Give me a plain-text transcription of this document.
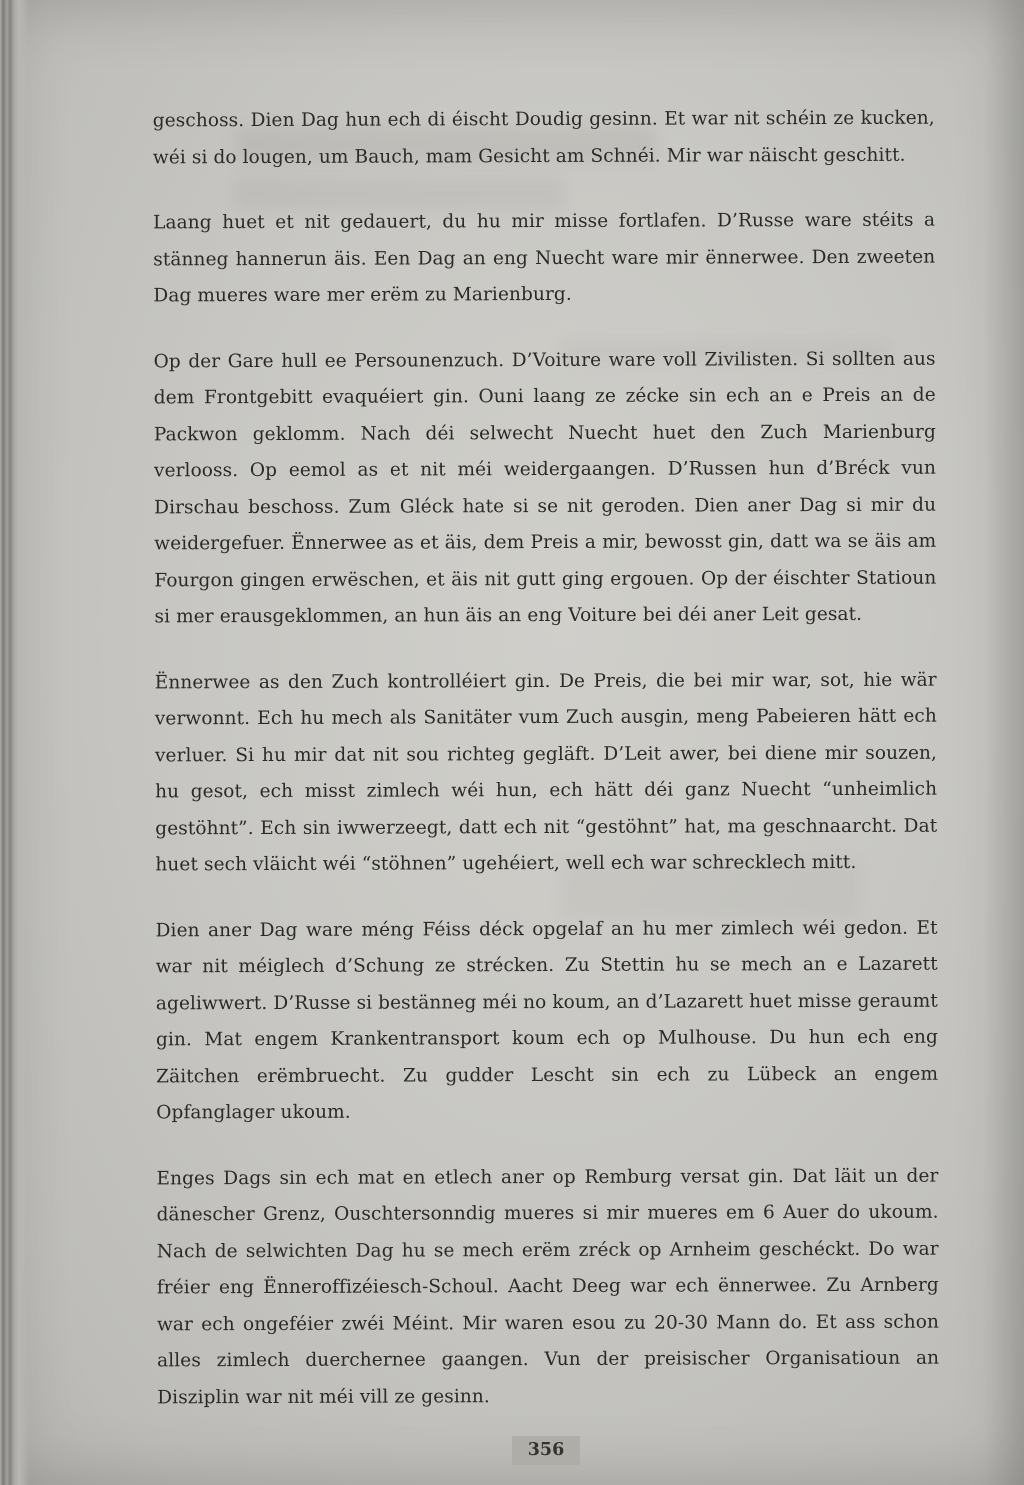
geschoss. Dien Dag hun ech di éischt Doudig gesinn. Et war nit schéin ze kucken, wéi si do lougen, um Bauch, mam Gesicht am Schnéi. Mir war näischt geschitt.

Laang huet et nit gedauert, du hu mir misse fortlafen. D’Russe ware stéits a stänneg hannerun äis. Een Dag an eng Nuecht ware mir ënnerwee. Den zweeten Dag mueres ware mer erëm zu Marienburg.

Op der Gare hull ee Persounenzuch. D’Voiture ware voll Zivilisten. Si sollten aus dem Frontgebitt evaquéiert gin. Ouni laang ze zécke sin ech an e Preis an de Packwon geklomm. Nach déi selwecht Nuecht huet den Zuch Marienburg verlooss. Op eemol as et nit méi weidergaangen. D’Russen hun d’Bréck vun Dirschau beschoss. Zum Gléck hate si se nit geroden. Dien aner Dag si mir du weidergefuer. Ënnerwee as et äis, dem Preis a mir, bewosst gin, datt wa se äis am Fourgon gingen erwëschen, et äis nit gutt ging ergouen. Op der éischter Statioun si mer erausgeklommen, an hun äis an eng Voiture bei déi aner Leit gesat.

Ënnerwee as den Zuch kontrolléiert gin. De Preis, die bei mir war, sot, hie wär verwonnt. Ech hu mech als Sanitäter vum Zuch ausgin, meng Pabeieren hätt ech verluer. Si hu mir dat nit sou richteg gegläft. D’Leit awer, bei diene mir souzen, hu gesot, ech misst zimlech wéi hun, ech hätt déi ganz Nuecht “unheimlich gestöhnt”. Ech sin iwwerzeegt, datt ech nit “gestöhnt” hat, ma geschnaarcht. Dat huet sech vläicht wéi “stöhnen” ugehéiert, well ech war schrecklech mitt.

Dien aner Dag ware méng Féiss déck opgelaf an hu mer zimlech wéi gedon. Et war nit méiglech d’Schung ze strécken. Zu Stettin hu se mech an e Lazarett ageliwwert. D’Russe si bestänneg méi no koum, an d’Lazarett huet misse geraumt gin. Mat engem Krankentransport koum ech op Mulhouse. Du hun ech eng Zäitchen erëmbruecht. Zu gudder Lescht sin ech zu Lübeck an engem Opfanglager ukoum.

Enges Dags sin ech mat en etlech aner op Remburg versat gin. Dat läit un der dänescher Grenz, Ouschtersonndig mueres si mir mueres em 6 Auer do ukoum. Nach de selwichten Dag hu se mech erëm zréck op Arnheim geschéckt. Do war fréier eng Ënneroffizéiesch-Schoul. Aacht Deeg war ech ënnerwee. Zu Arnberg war ech ongeféier zwéi Méint. Mir waren esou zu 20-30 Mann do. Et ass schon alles zimlech duerchernee gaangen. Vun der preisischer Organisatioun an Disziplin war nit méi vill ze gesinn.

356
